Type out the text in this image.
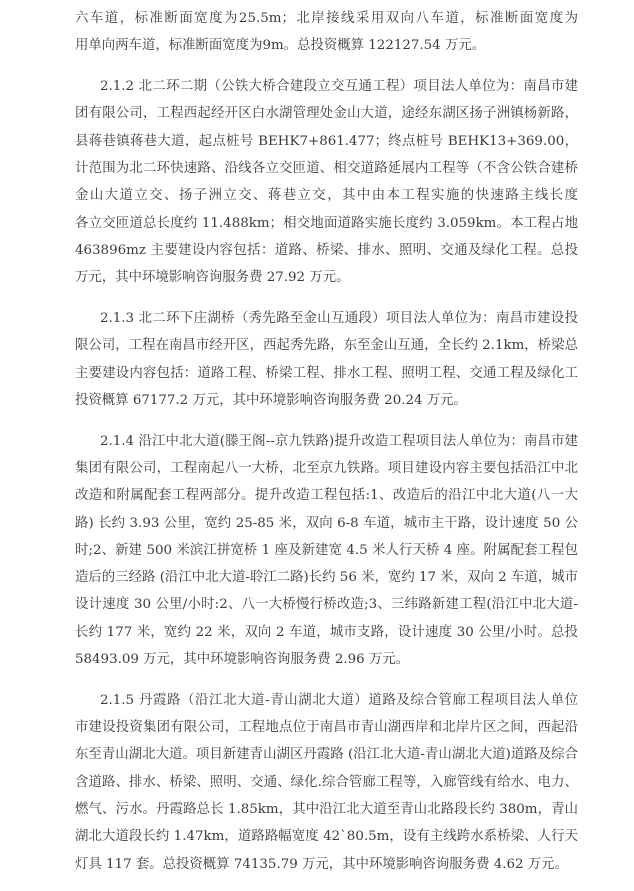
六车道，标准断面宽度为25.5m；北岸接线采用双向八车道，标准断面宽度为
用单向两车道，标准断面宽度为9m。总投资概算 122127.54 万元。
2.1.2 北二环二期（公铁大桥合建段立交互通工程）项目法人单位为：南昌市建
团有限公司，工程西起经开区白水湖管理处金山大道，途经东湖区扬子洲镇杨新路，
县蒋巷镇蒋巷大道，起点桩号 BEHK7+861.477；终点桩号 BEHK13+369.00，
计范围为北二环快速路、沿线各立交匝道、相交道路延展内工程等（不含公铁合建桥
金山大道立交、扬子洲立交、蒋巷立交，其中由本工程实施的快速路主线长度
各立交匝道总长度约 11.488km；相交地面道路实施长度约 3.059km。本工程占地
463896mz 主要建设内容包括：道路、桥梁、排水、照明、交通及绿化工程。总投
万元，其中环境影响咨询服务费 27.92 万元。
2.1.3 北二环下庄湖桥（秀先路至金山互通段）项目法人单位为：南昌市建设投
限公司，工程在南昌市经开区，西起秀先路，东至金山互通，全长约 2.1km，桥梁总
主要建设内容包括：道路工程、桥梁工程、排水工程、照明工程、交通工程及绿化工
投资概算 67177.2 万元，其中环境影响咨询服务费 20.24 万元。
2.1.4 沿江中北大道(滕王阁--京九铁路)提升改造工程项目法人单位为：南昌市建
集团有限公司，工程南起八一大桥，北至京九铁路。项目建设内容主要包括沿江中北
改造和附属配套工程两部分。提升改造工程包括:1、改造后的沿江中北大道(八一大
路) 长约 3.93 公里，宽约 25-85 米，双向 6-8 车道，城市主干路，设计速度 50 公
时;2、新建 500 米滨江拼宽桥 1 座及新建宽 4.5 米人行天桥 4 座。附属配套工程包
造后的三经路 (沿江中北大道-聆江二路)长约 56 米，宽约 17 米，双向 2 车道，城市
设计速度 30 公里/小时:2、八一大桥慢行桥改造;3、三纬路新建工程(沿江中北大道-
长约 177 米，宽约 22 米，双向 2 车道，城市支路，设计速度 30 公里/小时。总投
58493.09 万元，其中环境影响咨询服务费 2.96 万元。
2.1.5 丹霞路（沿江北大道-青山湖北大道）道路及综合管廊工程项目法人单位
市建设投资集团有限公司，工程地点位于南昌市青山湖西岸和北岸片区之间，西起沿
东至青山湖北大道。项目新建青山湖区丹霞路 (沿江北大道-青山湖北大道)道路及综合
含道路、排水、桥梁、照明、交通、绿化.综合管廊工程等，入廊管线有给水、电力、
燃气、污水。丹霞路总长 1.85km，其中沿江北大道至青山北路段长约 380m，青山
湖北大道段长约 1.47km，道路路幅宽度 42`80.5m，设有主线跨水系桥梁、人行天
灯具 117 套。总投资概算 74135.79 万元，其中环境影响咨询服务费 4.62 万元。
